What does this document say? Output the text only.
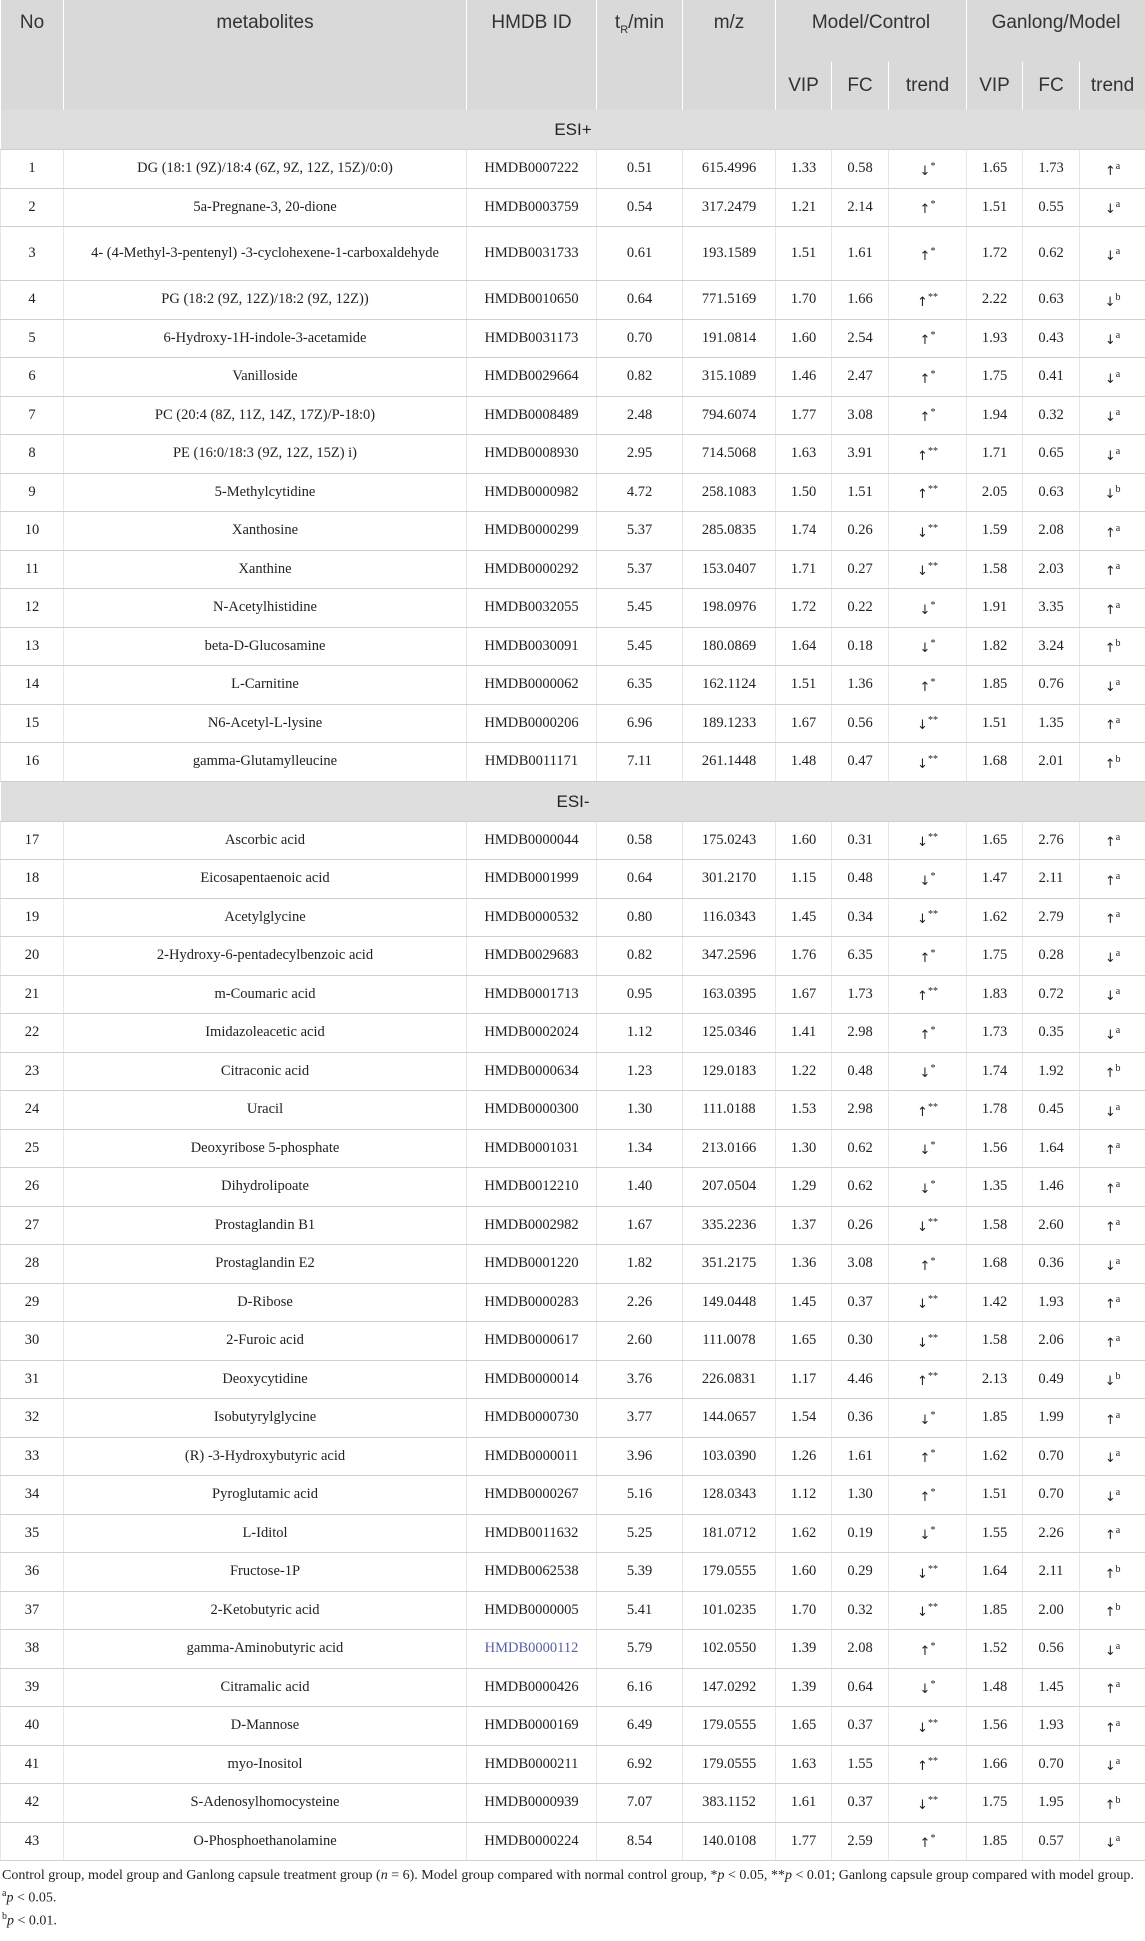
No	metabolites	HMDB ID	$t_R/\min$	m/z	Model/Control			Ganlong/Model		
					VIP	FC	trend	VIP	FC	trend
ESI+										
1	DG (18:1 (9Z)/18:4 (6Z, 9Z, 12Z, 15Z)/0:0)	HMDB0007222	0.51	615.4996	1.33	0.58	↓*	1.65	1.73	↑$^a$
2	5a-Pregnane-3, 20-dione	HMDB0003759	0.54	317.2479	1.21	2.14	↑*	1.51	0.55	↓$^a$
3	4- (4-Methyl-3-pentenyl) -3-cyclohexene-1-carboxaldehyde	HMDB0031733	0.61	193.1589	1.51	1.61	↑*	1.72	0.62	↓$^a$
4	PG (18:2 (9Z, 12Z)/18:2 (9Z, 12Z))	HMDB0010650	0.64	771.5169	1.70	1.66	↑**	2.22	0.63	↓$^b$
5	6-Hydroxy-1H-indole-3-acetamide	HMDB0031173	0.70	191.0814	1.60	2.54	↑*	1.93	0.43	↓$^a$
6	Vanilloside	HMDB0029664	0.82	315.1089	1.46	2.47	↑*	1.75	0.41	↓$^a$
7	PC (20:4 (8Z, 11Z, 14Z, 17Z)/P-18:0)	HMDB0008489	2.48	794.6074	1.77	3.08	↑*	1.94	0.32	↓$^a$
8	PE (16:0/18:3 (9Z, 12Z, 15Z) i)	HMDB0008930	2.95	714.5068	1.63	3.91	↑**	1.71	0.65	↓$^a$
9	5-Methylcytidine	HMDB0000982	4.72	258.1083	1.50	1.51	↑**	2.05	0.63	↓$^b$
10	Xanthosine	HMDB0000299	5.37	285.0835	1.74	0.26	↓**	1.59	2.08	↑$^a$
11	Xanthine	HMDB0000292	5.37	153.0407	1.71	0.27	↓**	1.58	2.03	↑$^a$
12	N-Acetylhistidine	HMDB0032055	5.45	198.0976	1.72	0.22	↓*	1.91	3.35	↑$^a$
13	beta-D-Glucosamine	HMDB0030091	5.45	180.0869	1.64	0.18	↓*	1.82	3.24	↑$^b$
14	L-Carnitine	HMDB0000062	6.35	162.1124	1.51	1.36	↑*	1.85	0.76	↓$^a$
15	N6-Acetyl-L-lysine	HMDB0000206	6.96	189.1233	1.67	0.56	↓**	1.51	1.35	↑$^a$
16	gamma-Glutamylleucine	HMDB0011171	7.11	261.1448	1.48	0.47	↓**	1.68	2.01	↑$^b$
ESI-										
17	Ascorbic acid	HMDB0000044	0.58	175.0243	1.60	0.31	↓**	1.65	2.76	↑$^a$
18	Eicosapentaenoic acid	HMDB0001999	0.64	301.2170	1.15	0.48	↓*	1.47	2.11	↑$^a$
19	Acetylglycine	HMDB0000532	0.80	116.0343	1.45	0.34	↓**	1.62	2.79	↑$^a$
20	2-Hydroxy-6-pentadecylbenzoic acid	HMDB0029683	0.82	347.2596	1.76	6.35	↑*	1.75	0.28	↓$^a$
21	m-Coumaric acid	HMDB0001713	0.95	163.0395	1.67	1.73	↑**	1.83	0.72	↓$^a$
22	Imidazoleacetic acid	HMDB0002024	1.12	125.0346	1.41	2.98	↑*	1.73	0.35	↓$^a$
23	Citraconic acid	HMDB0000634	1.23	129.0183	1.22	0.48	↓*	1.74	1.92	↑$^b$
24	Uracil	HMDB0000300	1.30	111.0188	1.53	2.98	↑**	1.78	0.45	↓$^a$
25	Deoxyribose 5-phosphate	HMDB0001031	1.34	213.0166	1.30	0.62	↓*	1.56	1.64	↑$^a$
26	Dihydrolipoate	HMDB0012210	1.40	207.0504	1.29	0.62	↓*	1.35	1.46	↑$^a$
27	Prostaglandin B1	HMDB0002982	1.67	335.2236	1.37	0.26	↓**	1.58	2.60	↑$^a$
28	Prostaglandin E2	HMDB0001220	1.82	351.2175	1.36	3.08	↑*	1.68	0.36	↓$^a$
29	D-Ribose	HMDB0000283	2.26	149.0448	1.45	0.37	↓**	1.42	1.93	↑$^a$
30	2-Furoic acid	HMDB0000617	2.60	111.0078	1.65	0.30	↓**	1.58	2.06	↑$^a$
31	Deoxycytidine	HMDB0000014	3.76	226.0831	1.17	4.46	↑**	2.13	0.49	↓$^b$
32	Isobutyrylglycine	HMDB0000730	3.77	144.0657	1.54	0.36	↓*	1.85	1.99	↑$^a$
33	(R) -3-Hydroxybutyric acid	HMDB0000011	3.96	103.0390	1.26	1.61	↑*	1.62	0.70	↓$^a$
34	Pyroglutamic acid	HMDB0000267	5.16	128.0343	1.12	1.30	↑*	1.51	0.70	↓$^a$
35	L-Iditol	HMDB0011632	5.25	181.0712	1.62	0.19	↓*	1.55	2.26	↑$^a$
36	Fructose-1P	HMDB0062538	5.39	179.0555	1.60	0.29	↓**	1.64	2.11	↑$^b$
37	2-Ketobutyric acid	HMDB0000005	5.41	101.0235	1.70	0.32	↓**	1.85	2.00	↑$^b$
38	gamma-Aminobutyric acid	HMDB0000112	5.79	102.0550	1.39	2.08	↑*	1.52	0.56	↓$^a$
39	Citramalic acid	HMDB0000426	6.16	147.0292	1.39	0.64	↓*	1.48	1.45	↑$^a$
40	D-Mannose	HMDB0000169	6.49	179.0555	1.65	0.37	↓**	1.56	1.93	↑$^a$
41	myo-Inositol	HMDB0000211	6.92	179.0555	1.63	1.55	↑**	1.66	0.70	↓$^a$
42	S-Adenosylhomocysteine	HMDB0000939	7.07	383.1152	1.61	0.37	↓**	1.75	1.95	↑$^b$
43	O-Phosphoethanolamine	HMDB0000224	8.54	140.0108	1.77	2.59	↑*	1.85	0.57	↓$^a$

Control group, model group and Ganlong capsule treatment group (n = 6). Model group compared with normal control group, *p < 0.05, **p < 0.01; Ganlong capsule group compared with model group.

$^a$p < 0.05.

$^b$p < 0.01.
